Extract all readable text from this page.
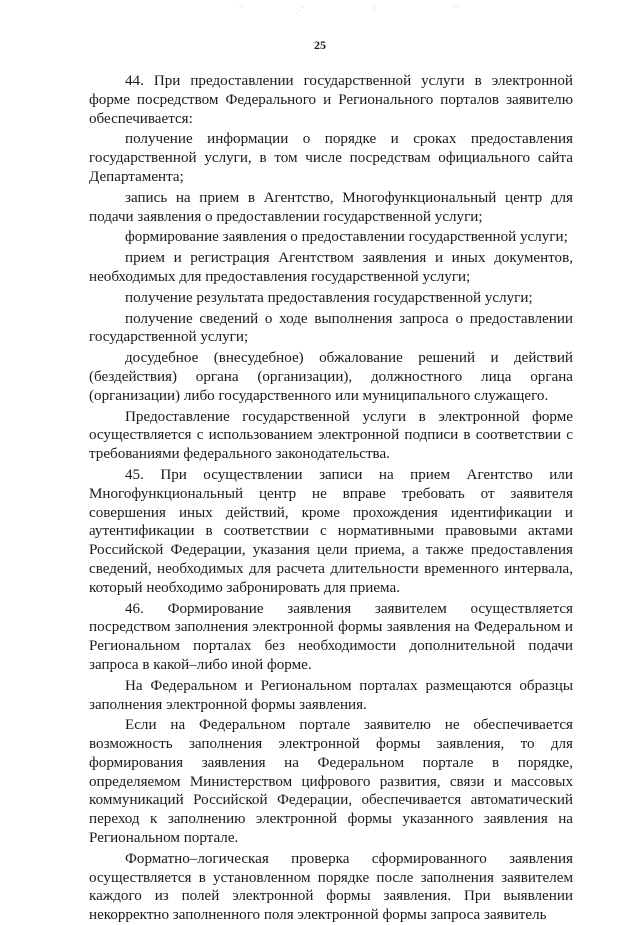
⁘	⋰	⁖	⋯
25

44. При предоставлении государственной услуги в электронной форме посредством Федерального и Регионального порталов заявителю обеспечивается:

получение информации о порядке и сроках предоставления государственной услуги, в том числе посредствам официального сайта Департамента;

запись на прием в Агентство, Многофункциональный центр для подачи заявления о предоставлении государственной услуги;

формирование заявления о предоставлении государственной услуги;

прием и регистрация Агентством заявления и иных документов, необходимых для предоставления государственной услуги;

получение результата предоставления государственной услуги;

получение сведений о ходе выполнения запроса о предоставлении государственной услуги;

досудебное (внесудебное) обжалование решений и действий (бездействия) органа (организации), должностного лица органа (организации) либо государственного или муниципального служащего.

Предоставление государственной услуги в электронной форме осуществляется с использованием электронной подписи в соответствии с требованиями федерального законодательства.

45. При осуществлении записи на прием Агентство или Многофункциональный центр не вправе требовать от заявителя совершения иных действий, кроме прохождения идентификации и аутентификации в соответствии с нормативными правовыми актами Российской Федерации, указания цели приема, а также предоставления сведений, необходимых для расчета длительности временного интервала, который необходимо забронировать для приема.

46. Формирование заявления заявителем осуществляется посредством заполнения электронной формы заявления на Федеральном и Региональном порталах без необходимости дополнительной подачи запроса в какой–либо иной форме.

На Федеральном и Региональном порталах размещаются образцы заполнения электронной формы заявления.

Если на Федеральном портале заявителю не обеспечивается возможность заполнения электронной формы заявления, то для формирования заявления на Федеральном портале в порядке, определяемом Министерством цифрового развития, связи и массовых коммуникаций Российской Федерации, обеспечивается автоматический переход к заполнению электронной формы указанного заявления на Региональном портале.

Форматно–логическая проверка сформированного заявления осуществляется в установленном порядке после заполнения заявителем каждого из полей электронной формы заявления. При выявлении некорректно заполненного поля электронной формы запроса заявитель
